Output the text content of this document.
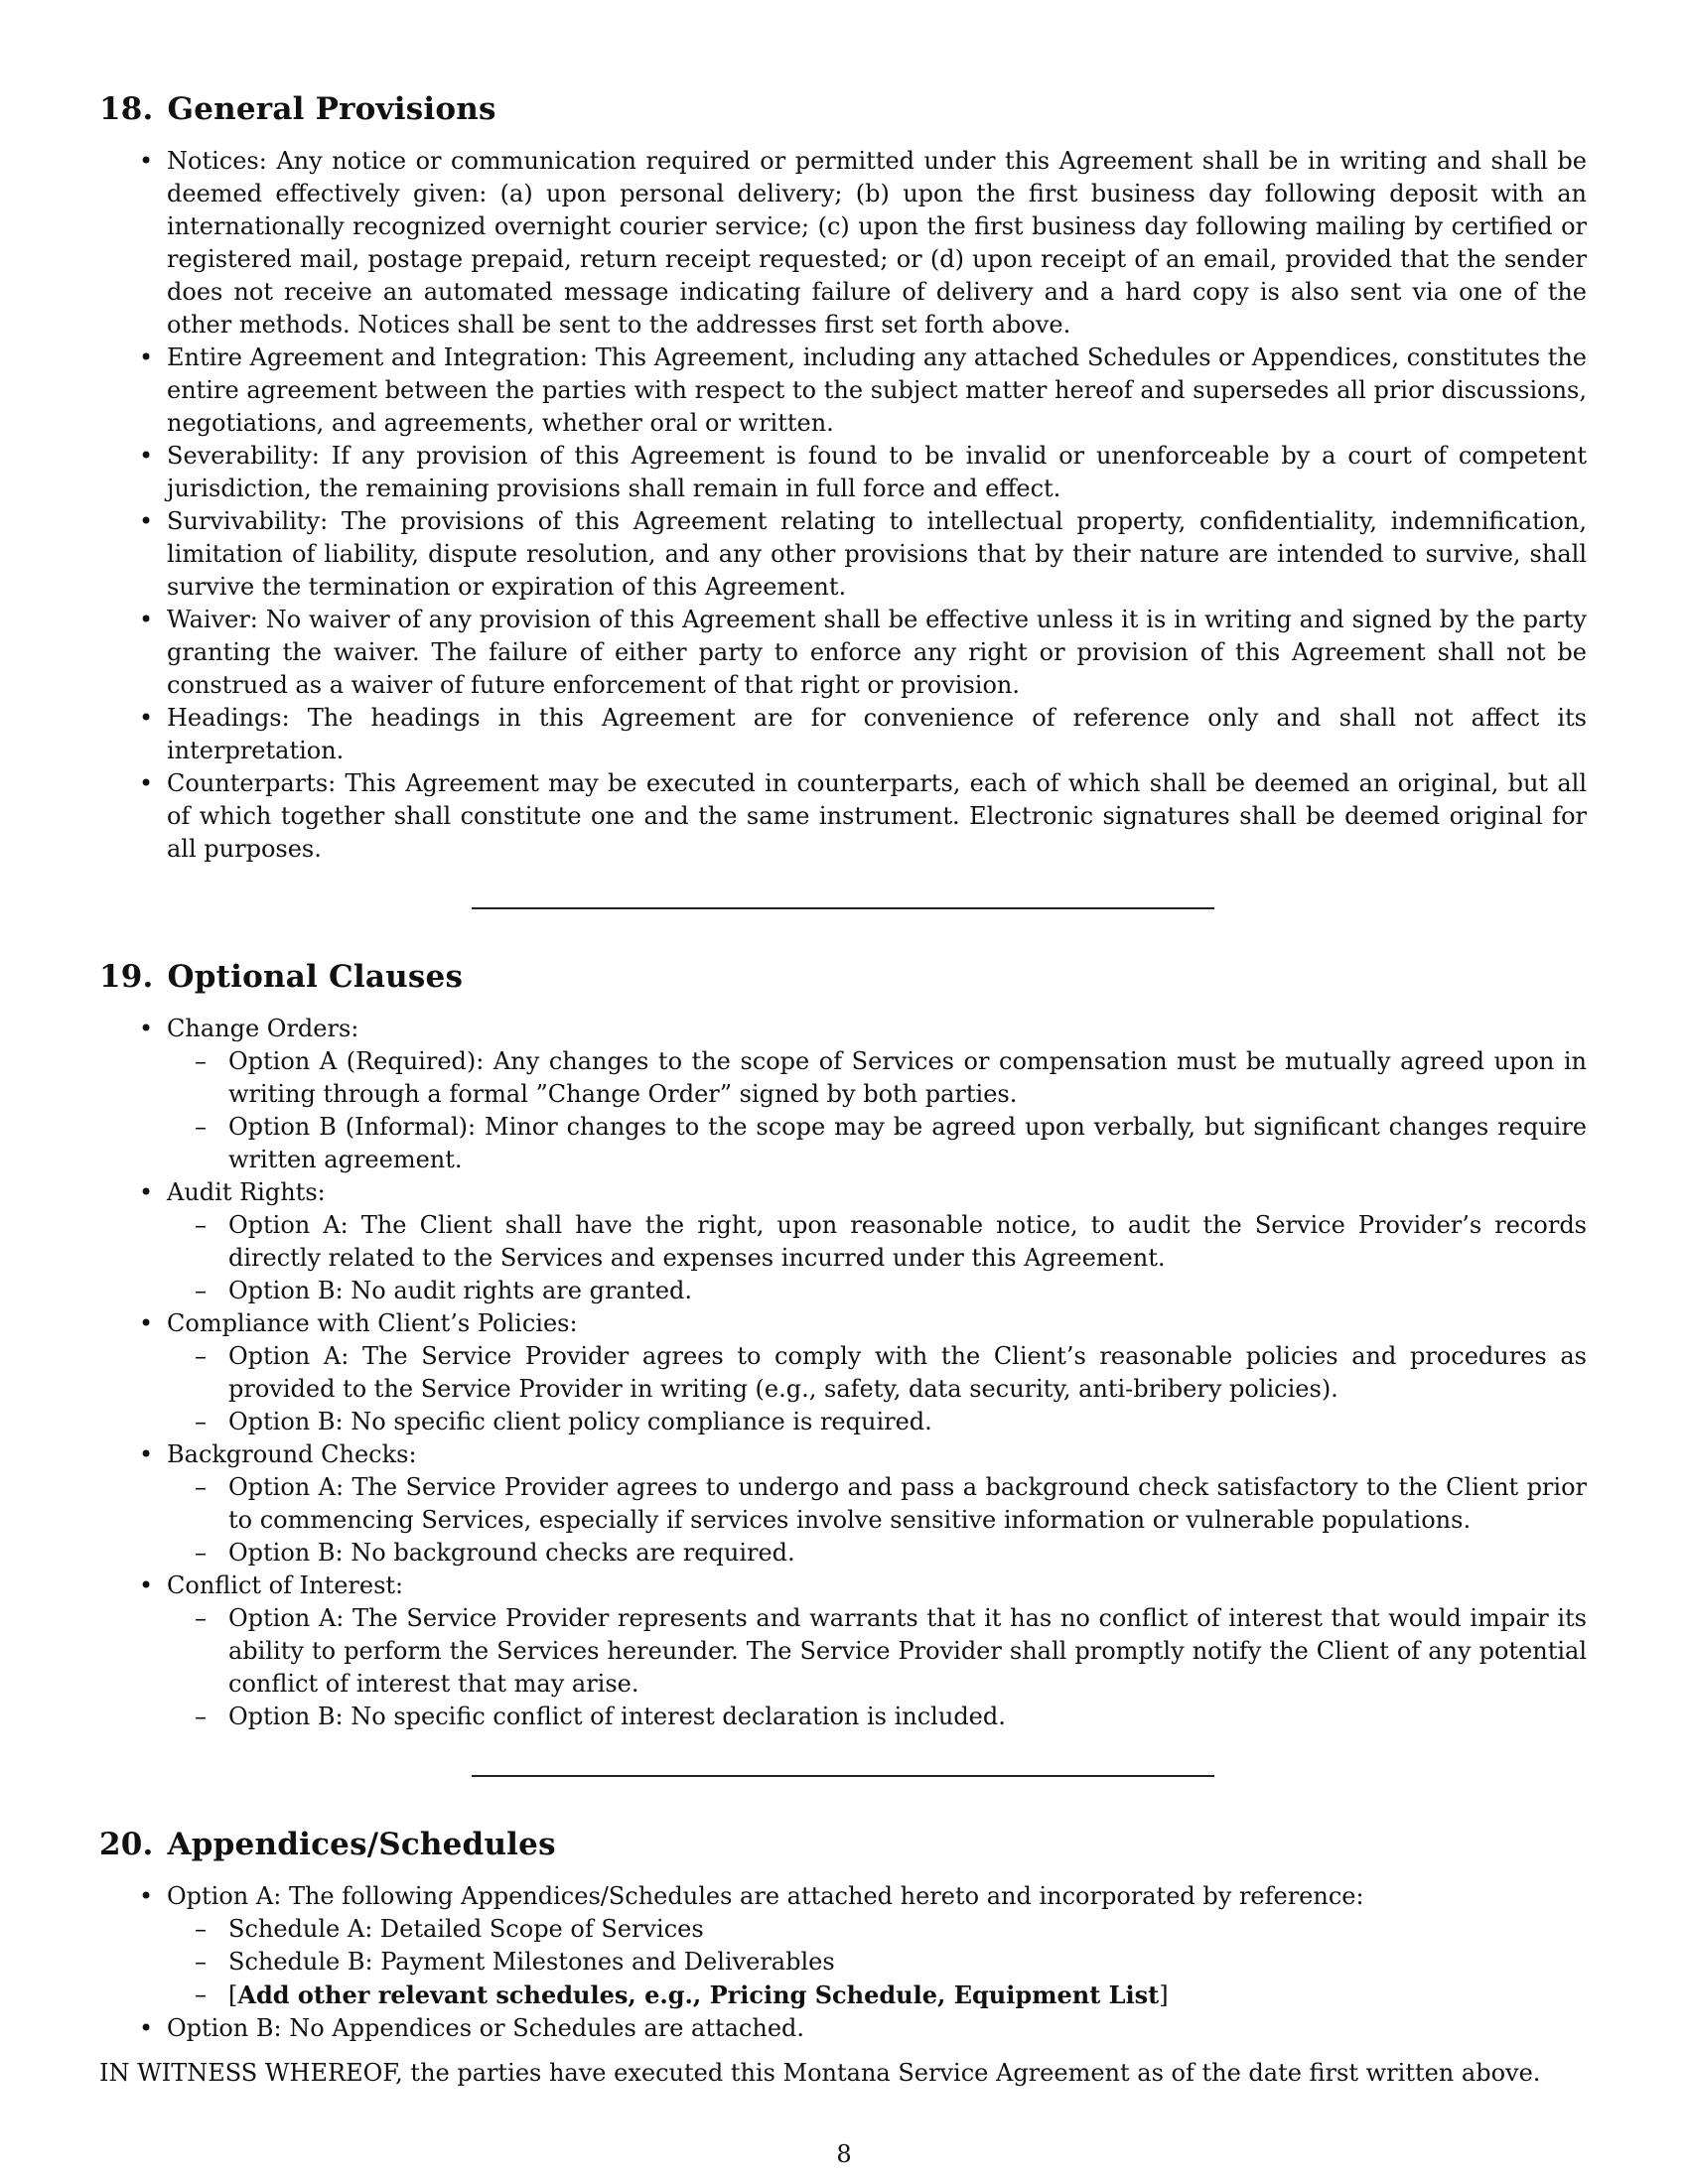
18. General Provisions
• Notices: Any notice or communication required or permitted under this Agreement shall be in writing and shall be deemed effectively given: (a) upon personal delivery; (b) upon the first business day following deposit with an internationally recognized overnight courier service; (c) upon the first business day following mailing by certified or registered mail, postage prepaid, return receipt requested; or (d) upon receipt of an email, provided that the sender does not receive an automated message indicating failure of delivery and a hard copy is also sent via one of the other methods. Notices shall be sent to the addresses first set forth above.
• Entire Agreement and Integration: This Agreement, including any attached Schedules or Appendices, constitutes the entire agreement between the parties with respect to the subject matter hereof and supersedes all prior discussions, negotiations, and agreements, whether oral or written.
• Severability: If any provision of this Agreement is found to be invalid or unenforceable by a court of competent jurisdiction, the remaining provisions shall remain in full force and effect.
• Survivability: The provisions of this Agreement relating to intellectual property, confidentiality, indemnification, limitation of liability, dispute resolution, and any other provisions that by their nature are intended to survive, shall survive the termination or expiration of this Agreement.
• Waiver: No waiver of any provision of this Agreement shall be effective unless it is in writing and signed by the party granting the waiver. The failure of either party to enforce any right or provision of this Agreement shall not be construed as a waiver of future enforcement of that right or provision.
• Headings: The headings in this Agreement are for convenience of reference only and shall not affect its interpretation.
• Counterparts: This Agreement may be executed in counterparts, each of which shall be deemed an original, but all of which together shall constitute one and the same instrument. Electronic signatures shall be deemed original for all purposes.
19. Optional Clauses
• Change Orders:
– Option A (Required): Any changes to the scope of Services or compensation must be mutually agreed upon in writing through a formal ”Change Order” signed by both parties.
– Option B (Informal): Minor changes to the scope may be agreed upon verbally, but significant changes require written agreement.
• Audit Rights:
– Option A: The Client shall have the right, upon reasonable notice, to audit the Service Provider’s records directly related to the Services and expenses incurred under this Agreement.
– Option B: No audit rights are granted.
• Compliance with Client’s Policies:
– Option A: The Service Provider agrees to comply with the Client’s reasonable policies and procedures as provided to the Service Provider in writing (e.g., safety, data security, anti-bribery policies).
– Option B: No specific client policy compliance is required.
• Background Checks:
– Option A: The Service Provider agrees to undergo and pass a background check satisfactory to the Client prior to commencing Services, especially if services involve sensitive information or vulnerable populations.
– Option B: No background checks are required.
• Conflict of Interest:
– Option A: The Service Provider represents and warrants that it has no conflict of interest that would impair its ability to perform the Services hereunder. The Service Provider shall promptly notify the Client of any potential conflict of interest that may arise.
– Option B: No specific conflict of interest declaration is included.
20. Appendices/Schedules
• Option A: The following Appendices/Schedules are attached hereto and incorporated by reference:
– Schedule A: Detailed Scope of Services
– Schedule B: Payment Milestones and Deliverables
– [Add other relevant schedules, e.g., Pricing Schedule, Equipment List]
• Option B: No Appendices or Schedules are attached.

IN WITNESS WHEREOF, the parties have executed this Montana Service Agreement as of the date first written above.

8
